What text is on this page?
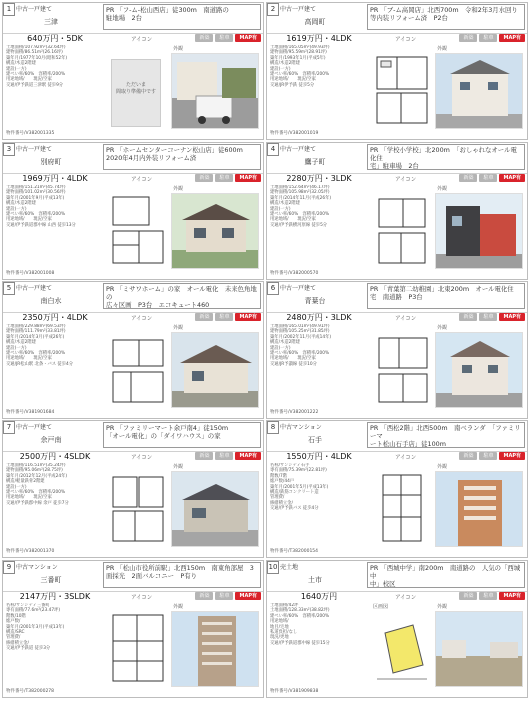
1 中古一戸建て
三津
PR 「フ-ム-松山西店」徒300m　南道路の
駐地場　2台
640万円・5DK	アイコン	新築	駐車	MAP有
土地面積/107.92m²(32.64坪)
建物面積/86.51m²(26.16坪)
築年月/1977年10月(昭和52年)
構造/木造2階建
建設(一方)
建ぺい率/60%　容積率/200%
用途地域/　　現況/空家
交通/伊予鉄道三津駅 徒歩9分
物件番号/V382001335
ただいま
間取り準備中です
外観
2 中古一戸建て
高岡町
PR 「ブ-ム高岡店」北西700m　令和2年3月水回り
等内装リフォーム済　P2台
1619万円・4LDK	アイコン	新築	駐車	MAP有
土地面積/165.05m²(49.93坪)
建物面積/95.59m²(28.91坪)
築年月/1993年1月(平成5年)
構造/木造2階建
建設(一方)
建ぺい率/60%　容積率/200%
用途地域/　　現況/空家
交通/JR伊予鉄 徒歩5分
物件番号/V382001019
外観
3 中古一戸建て
別府町
PR 「ホームセンターコーナン松山店」徒600m
2020年4月内外装リフォーム済
1969万円・4LDK	アイコン	新築	駐車	MAP有
土地面積/151.21m²(45.74坪)
建物面積/101.02m²(30.56坪)
築年月/2001年9月(平成13年)
構造/木造2階建
建設(一方)
建ぺい率/60%　容積率/200%
用途地域/　　現況/空家
交通/伊予鉄道郡中線 山西 徒歩13分
物件番号/V382001008
外観
4 中古一戸建て
鷹子町
PR 「学校小学校」北200m　「おしゃれなオール電化住
宅」駐車場　2台
2280万円・3LDK	アイコン	新築	駐車	MAP有
土地面積/152.64m²(46.17坪)
建物面積/105.98m²(32.05坪)
築年月/2014年11月(平成26年)
構造/木造2階建
建設(一方)
建ぺい率/60%　容積率/200%
用途地域/　　現況/空家
交通/伊予鉄横河原線 徒歩5分
物件番号/V382000570
外観
5 中古一戸建て
南白水
PR 「ミサワホーム」の家　オール電化　未来色角地の
広々区画　P3台　エコキュート460
2350万円・4LDK	アイコン	新築	駐車	MAP有
土地面積/229.88m²(69.53坪)
建物面積/111.79m²(33.81坪)
築年月/2014年3月(平成26年)
構造/木造2階建
建設(一方)
建ぺい率/60%　容積率/200%
用途地域/　　現況/空家
交通/JR松山駅 北条・バス 徒歩4分
物件番号/V381901684
外観
6 中古一戸建て
青葉台
PR 「青葉第二幼稚園」北東200m　オール電化住
宅　南道路　P3台
2480万円・3LDK	アイコン	新築	駐車	MAP有
土地面積/165.01m²(49.91坪)
建物面積/105.25m²(31.85坪)
築年月/2002年11月(平成14年)
構造/木造2階建
建設(一方)
建ぺい率/60%　容積率/200%
用途地域/　　現況/空家
交通/JR予讃線 徒歩10分
物件番号/V382001222
外観
7 中古一戸建て
余戸南
PR 「ファミリーマート余戸南4」徒150m
「オール電化」の「ダイワハウス」の家
2500万円・4SLDK	アイコン	新築	駐車	MAP有
土地面積/116.51m²(35.24坪)
建物面積/95.06m²(28.75坪)
築年月/2012年12月(平成24年)
構造/軽量鉄骨2階建
建設(一方)
建ぺい率/60%　容積率/200%
用途地域/　　現況/空家
交通/伊予鉄郡中線 余戸 徒歩7分
物件番号/V382001370
外観
8 中古マンション
石手
PR 「西松2階」北西500m　南ベランダ　「ファミリーマ
ート松山石手店」徒100m
1550万円・4LDK	アイコン	新築	駐車	MAP有
名称/サンシティ石手
専有面積/75.39m²(22.81坪)
階数/7階
総戸数/44戸
築年月/2001年5月(平成13年)
構造/鉄筋コンクリート造
管理費/
修繕積立金/
交通/伊予鉄バス 徒歩4分
物件番号/T382000154
外観
9 中古マンション
三番町
PR 「松山市役所前駅」北西150m　南東角部屋　3
面採光　2面バルコニー　P有り
2147万円・3SLDK	アイコン	新築	駐車	MAP有
名称/サンシティ三番町
専有面積/77.6m²(23.47坪)
階数/10階
総戸数/
築年月/2001年3月(平成13年)
構造/SRC
管理費/
修繕積立金/
交通/伊予鉄道 徒歩3分
物件番号/T382000278
外観
10 売土地
土市
PR 「西城中学」南200m　南道路の　人気の「西城中
中」校区
1640万円	アイコン	新築	駐車	MAP有
土地面積/42坪
土地面積/128.33m²(38.82坪)
建ぺい率/60%　容積率/200%
用途地域/
地目/宅地
私道負担/なし
現況/更地
交通/伊予鉄道郡中線 徒歩15分
物件番号/V381909838
区画図	外観
